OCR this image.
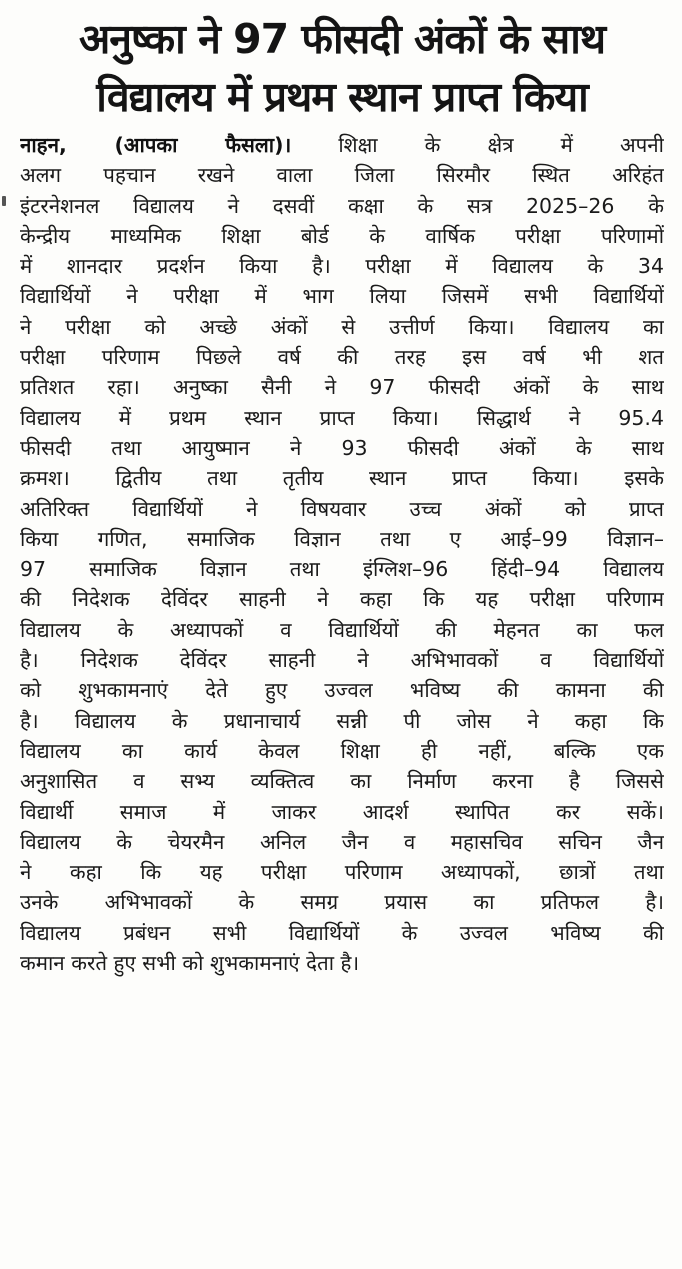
अनुष्का ने 97 फीसदी अंकों के साथ
विद्यालय में प्रथम स्थान प्राप्त किया
नाहन, (आपका फैसला)। शिक्षा के क्षेत्र में अपनी
अलग पहचान रखने वाला जिला सिरमौर स्थित अरिहंत
इंटरनेशनल विद्यालय ने दसवीं कक्षा के सत्र 2025–26 के
केन्द्रीय माध्यमिक शिक्षा बोर्ड के वार्षिक परीक्षा परिणामों
में शानदार प्रदर्शन किया है। परीक्षा में विद्यालय के 34
विद्यार्थियों ने परीक्षा में भाग लिया जिसमें सभी विद्यार्थियों
ने परीक्षा को अच्छे अंकों से उत्तीर्ण किया। विद्यालय का
परीक्षा परिणाम पिछले वर्ष की तरह इस वर्ष भी शत
प्रतिशत रहा। अनुष्का सैनी ने 97 फीसदी अंकों के साथ
विद्यालय में प्रथम स्थान प्राप्त किया। सिद्धार्थ ने 95.4
फीसदी तथा आयुष्मान ने 93 फीसदी अंकों के साथ
क्रमश। द्वितीय तथा तृतीय स्थान प्राप्त किया। इसके
अतिरिक्त विद्यार्थियों ने विषयवार उच्च अंकों को प्राप्त
किया गणित, समाजिक विज्ञान तथा ए आई–99 विज्ञान–
97 समाजिक विज्ञान तथा इंग्लिश–96 हिंदी–94 विद्यालय
की निदेशक देविंदर साहनी ने कहा कि यह परीक्षा परिणाम
विद्यालय के अध्यापकों व विद्यार्थियों की मेहनत का फल
है। निदेशक देविंदर साहनी ने अभिभावकों व विद्यार्थियों
को शुभकामनाएं देते हुए उज्वल भविष्य की कामना की
है। विद्यालय के प्रधानाचार्य सन्नी पी जोस ने कहा कि
विद्यालय का कार्य केवल शिक्षा ही नहीं, बल्कि एक
अनुशासित व सभ्य व्यक्तित्व का निर्माण करना है जिससे
विद्यार्थी समाज में जाकर आदर्श स्थापित कर सकें।
विद्यालय के चेयरमैन अनिल जैन व महासचिव सचिन जैन
ने कहा कि यह परीक्षा परिणाम अध्यापकों, छात्रों तथा
उनके अभिभावकों के समग्र प्रयास का प्रतिफल है।
विद्यालय प्रबंधन सभी विद्यार्थियों के उज्वल भविष्य की
कमान करते हुए सभी को शुभकामनाएं देता है।
